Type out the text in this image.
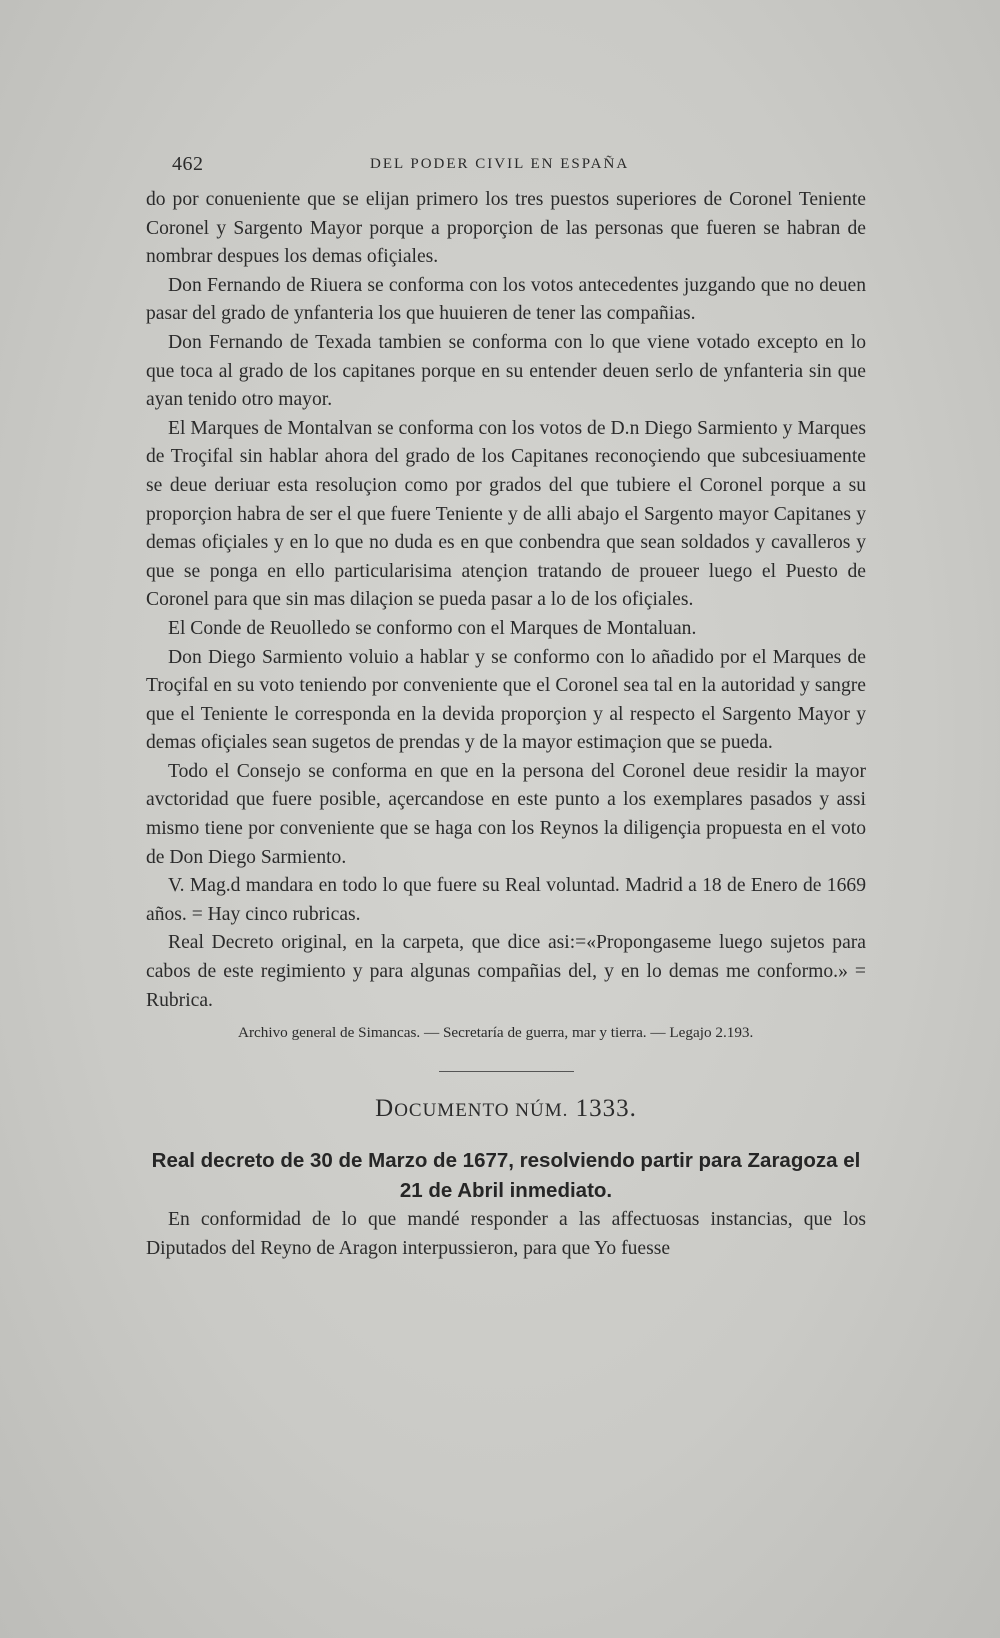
462	DEL PODER CIVIL EN ESPAÑA

do por conueniente que se elijan primero los tres puestos superiores de Coronel Teniente Coronel y Sargento Mayor porque a proporçion de las personas que fueren se habran de nombrar despues los demas ofiçiales.

Don Fernando de Riuera se conforma con los votos antecedentes juzgando que no deuen pasar del grado de ynfanteria los que huuieren de tener las compañias.

Don Fernando de Texada tambien se conforma con lo que viene votado excepto en lo que toca al grado de los capitanes porque en su entender deuen serlo de ynfanteria sin que ayan tenido otro mayor.

El Marques de Montalvan se conforma con los votos de D.n Diego Sarmiento y Marques de Troçifal sin hablar ahora del grado de los Capitanes reconoçiendo que subcesiuamente se deue deriuar esta resoluçion como por grados del que tubiere el Coronel porque a su proporçion habra de ser el que fuere Teniente y de alli abajo el Sargento mayor Capitanes y demas ofiçiales y en lo que no duda es en que conbendra que sean soldados y cavalleros y que se ponga en ello particularisima atençion tratando de proueer luego el Puesto de Coronel para que sin mas dilaçion se pueda pasar a lo de los ofiçiales.

El Conde de Reuolledo se conformo con el Marques de Montaluan.

Don Diego Sarmiento voluio a hablar y se conformo con lo añadido por el Marques de Troçifal en su voto teniendo por conveniente que el Coronel sea tal en la autoridad y sangre que el Teniente le corresponda en la devida proporçion y al respecto el Sargento Mayor y demas ofiçiales sean sugetos de prendas y de la mayor estimaçion que se pueda.

Todo el Consejo se conforma en que en la persona del Coronel deue residir la mayor avctoridad que fuere posible, açercandose en este punto a los exemplares pasados y assi mismo tiene por conveniente que se haga con los Reynos la diligençia propuesta en el voto de Don Diego Sarmiento.

V. Mag.d mandara en todo lo que fuere su Real voluntad. Madrid a 18 de Enero de 1669 años. = Hay cinco rubricas.

Real Decreto original, en la carpeta, que dice asi:=«Propongaseme luego sujetos para cabos de este regimiento y para algunas compañias del, y en lo demas me conformo.» = Rubrica.

Archivo general de Simancas. — Secretaría de guerra, mar y tierra. — Legajo 2.193.
DOCUMENTO NÚM. 1333.
Real decreto de 30 de Marzo de 1677, resolviendo partir para Zaragoza el 21 de Abril inmediato.

En conformidad de lo que mandé responder a las affectuosas instancias, que los Diputados del Reyno de Aragon interpussieron, para que Yo fuesse
